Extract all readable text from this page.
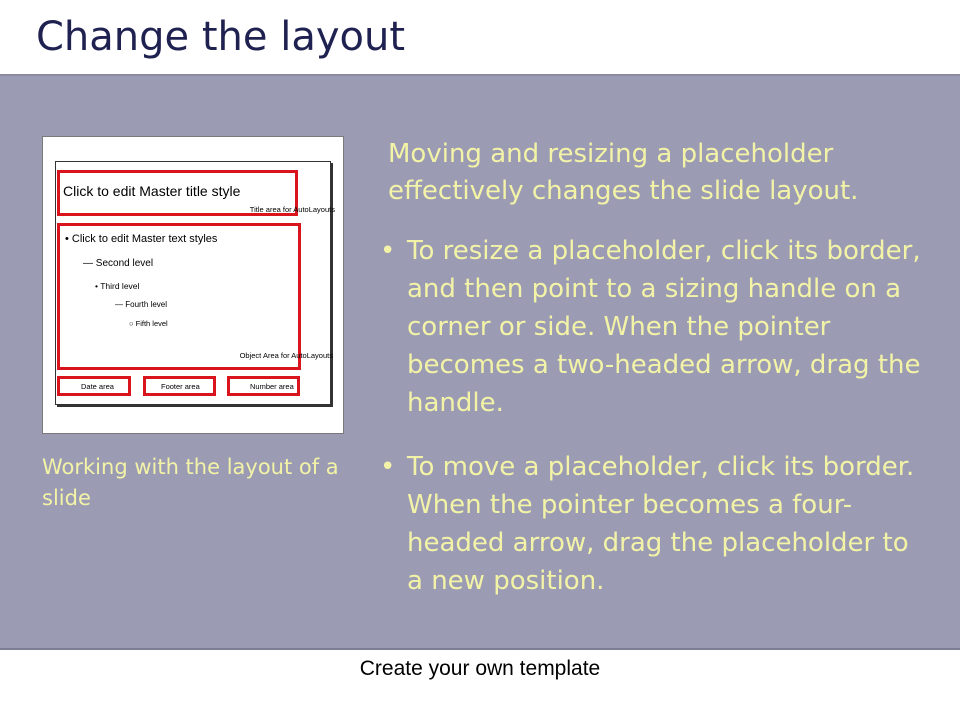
Change the layout
Click to edit Master title style
Title area for AutoLayouts
• Click to edit Master text styles
— Second level
• Third level
— Fourth level
○ Fifth level
Object Area for AutoLayouts
Date area	Footer area	Number area
Working with the layout of a slide
Moving and resizing a placeholder effectively changes the slide layout.
• To resize a placeholder, click its border, and then point to a sizing handle on a corner or side. When the pointer becomes a two-headed arrow, drag the handle.
• To move a placeholder, click its border. When the pointer becomes a four-headed arrow, drag the placeholder to a new position.
Create your own template
